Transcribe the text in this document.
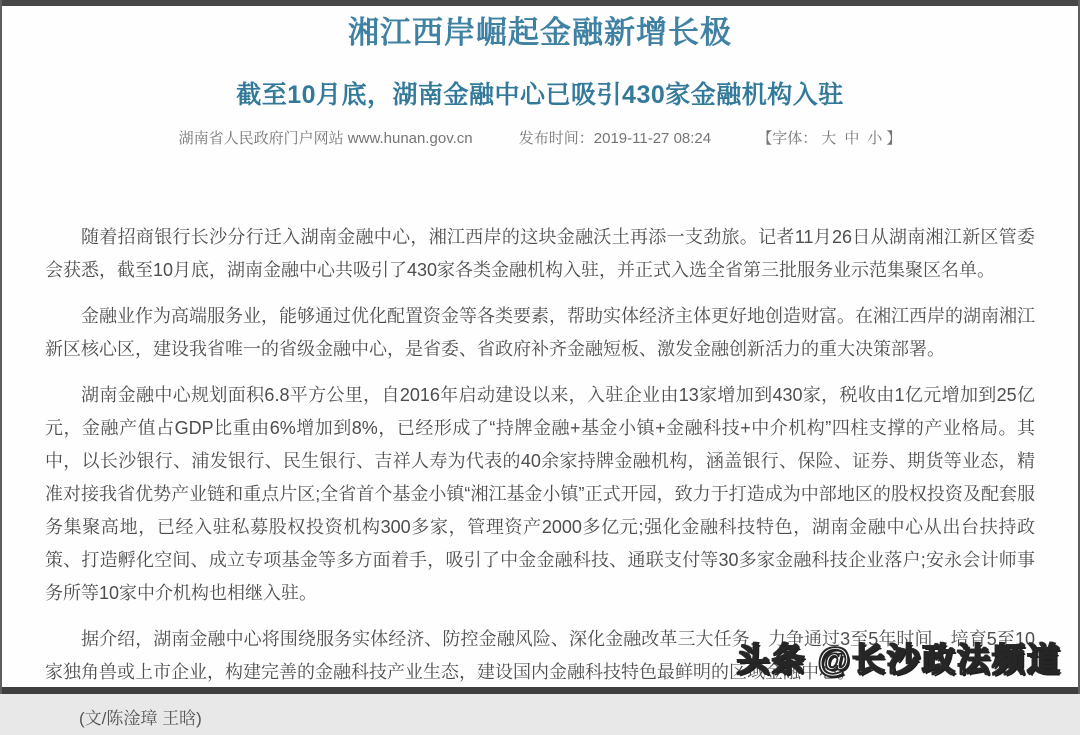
湘江西岸崛起金融新增长极
截至10月底，湖南金融中心已吸引430家金融机构入驻
湖南省人民政府门户网站 www.hunan.gov.cn	发布时间：2019-11-27 08:24	【字体： 大 中 小 】

随着招商银行长沙分行迁入湖南金融中心，湘江西岸的这块金融沃土再添一支劲旅。记者11月26日从湖南湘江新区管委会获悉，截至10月底，湖南金融中心共吸引了430家各类金融机构入驻，并正式入选全省第三批服务业示范集聚区名单。

金融业作为高端服务业，能够通过优化配置资金等各类要素，帮助实体经济主体更好地创造财富。在湘江西岸的湖南湘江新区核心区，建设我省唯一的省级金融中心，是省委、省政府补齐金融短板、激发金融创新活力的重大决策部署。

湖南金融中心规划面积6.8平方公里，自2016年启动建设以来，入驻企业由13家增加到430家，税收由1亿元增加到25亿元，金融产值占GDP比重由6%增加到8%，已经形成了“持牌金融+基金小镇+金融科技+中介机构”四柱支撑的产业格局。其中，以长沙银行、浦发银行、民生银行、吉祥人寿为代表的40余家持牌金融机构，涵盖银行、保险、证券、期货等业态，精准对接我省优势产业链和重点片区;全省首个基金小镇“湘江基金小镇”正式开园，致力于打造成为中部地区的股权投资及配套服务集聚高地，已经入驻私募股权投资机构300多家，管理资产2000多亿元;强化金融科技特色，湖南金融中心从出台扶持政策、打造孵化空间、成立专项基金等多方面着手，吸引了中金金融科技、通联支付等30多家金融科技企业落户;安永会计师事务所等10家中介机构也相继入驻。

据介绍，湖南金融中心将围绕服务实体经济、防控金融风险、深化金融改革三大任务，力争通过3至5年时间，培育5至10家独角兽或上市企业，构建完善的金融科技产业生态，建设国内金融科技特色最鲜明的区域金融中心。

(文/陈淦璋 王晗)
头条 @长沙政法频道
